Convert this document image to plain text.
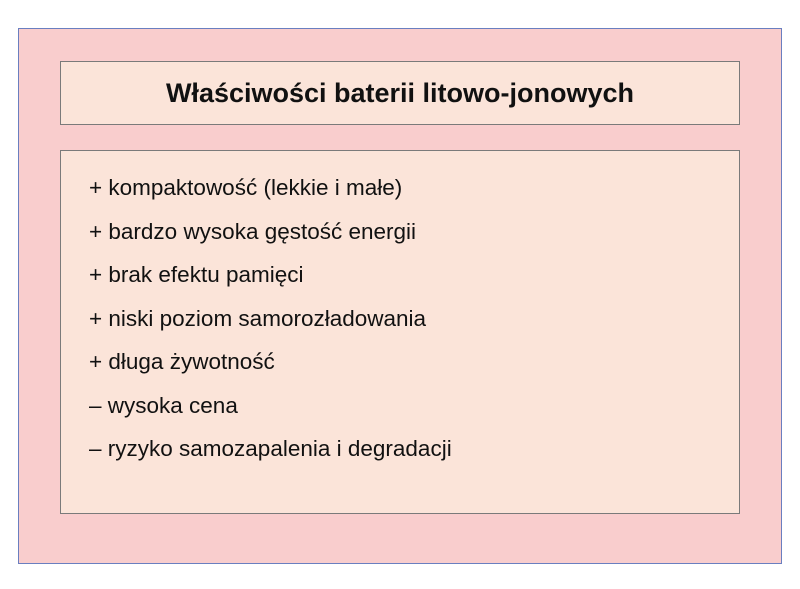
Właściwości baterii litowo-jonowych
+ kompaktowość (lekkie i małe)
+ bardzo wysoka gęstość energii
+ brak efektu pamięci
+ niski poziom samorozładowania
+ długa żywotność
– wysoka cena
– ryzyko samozapalenia i degradacji
